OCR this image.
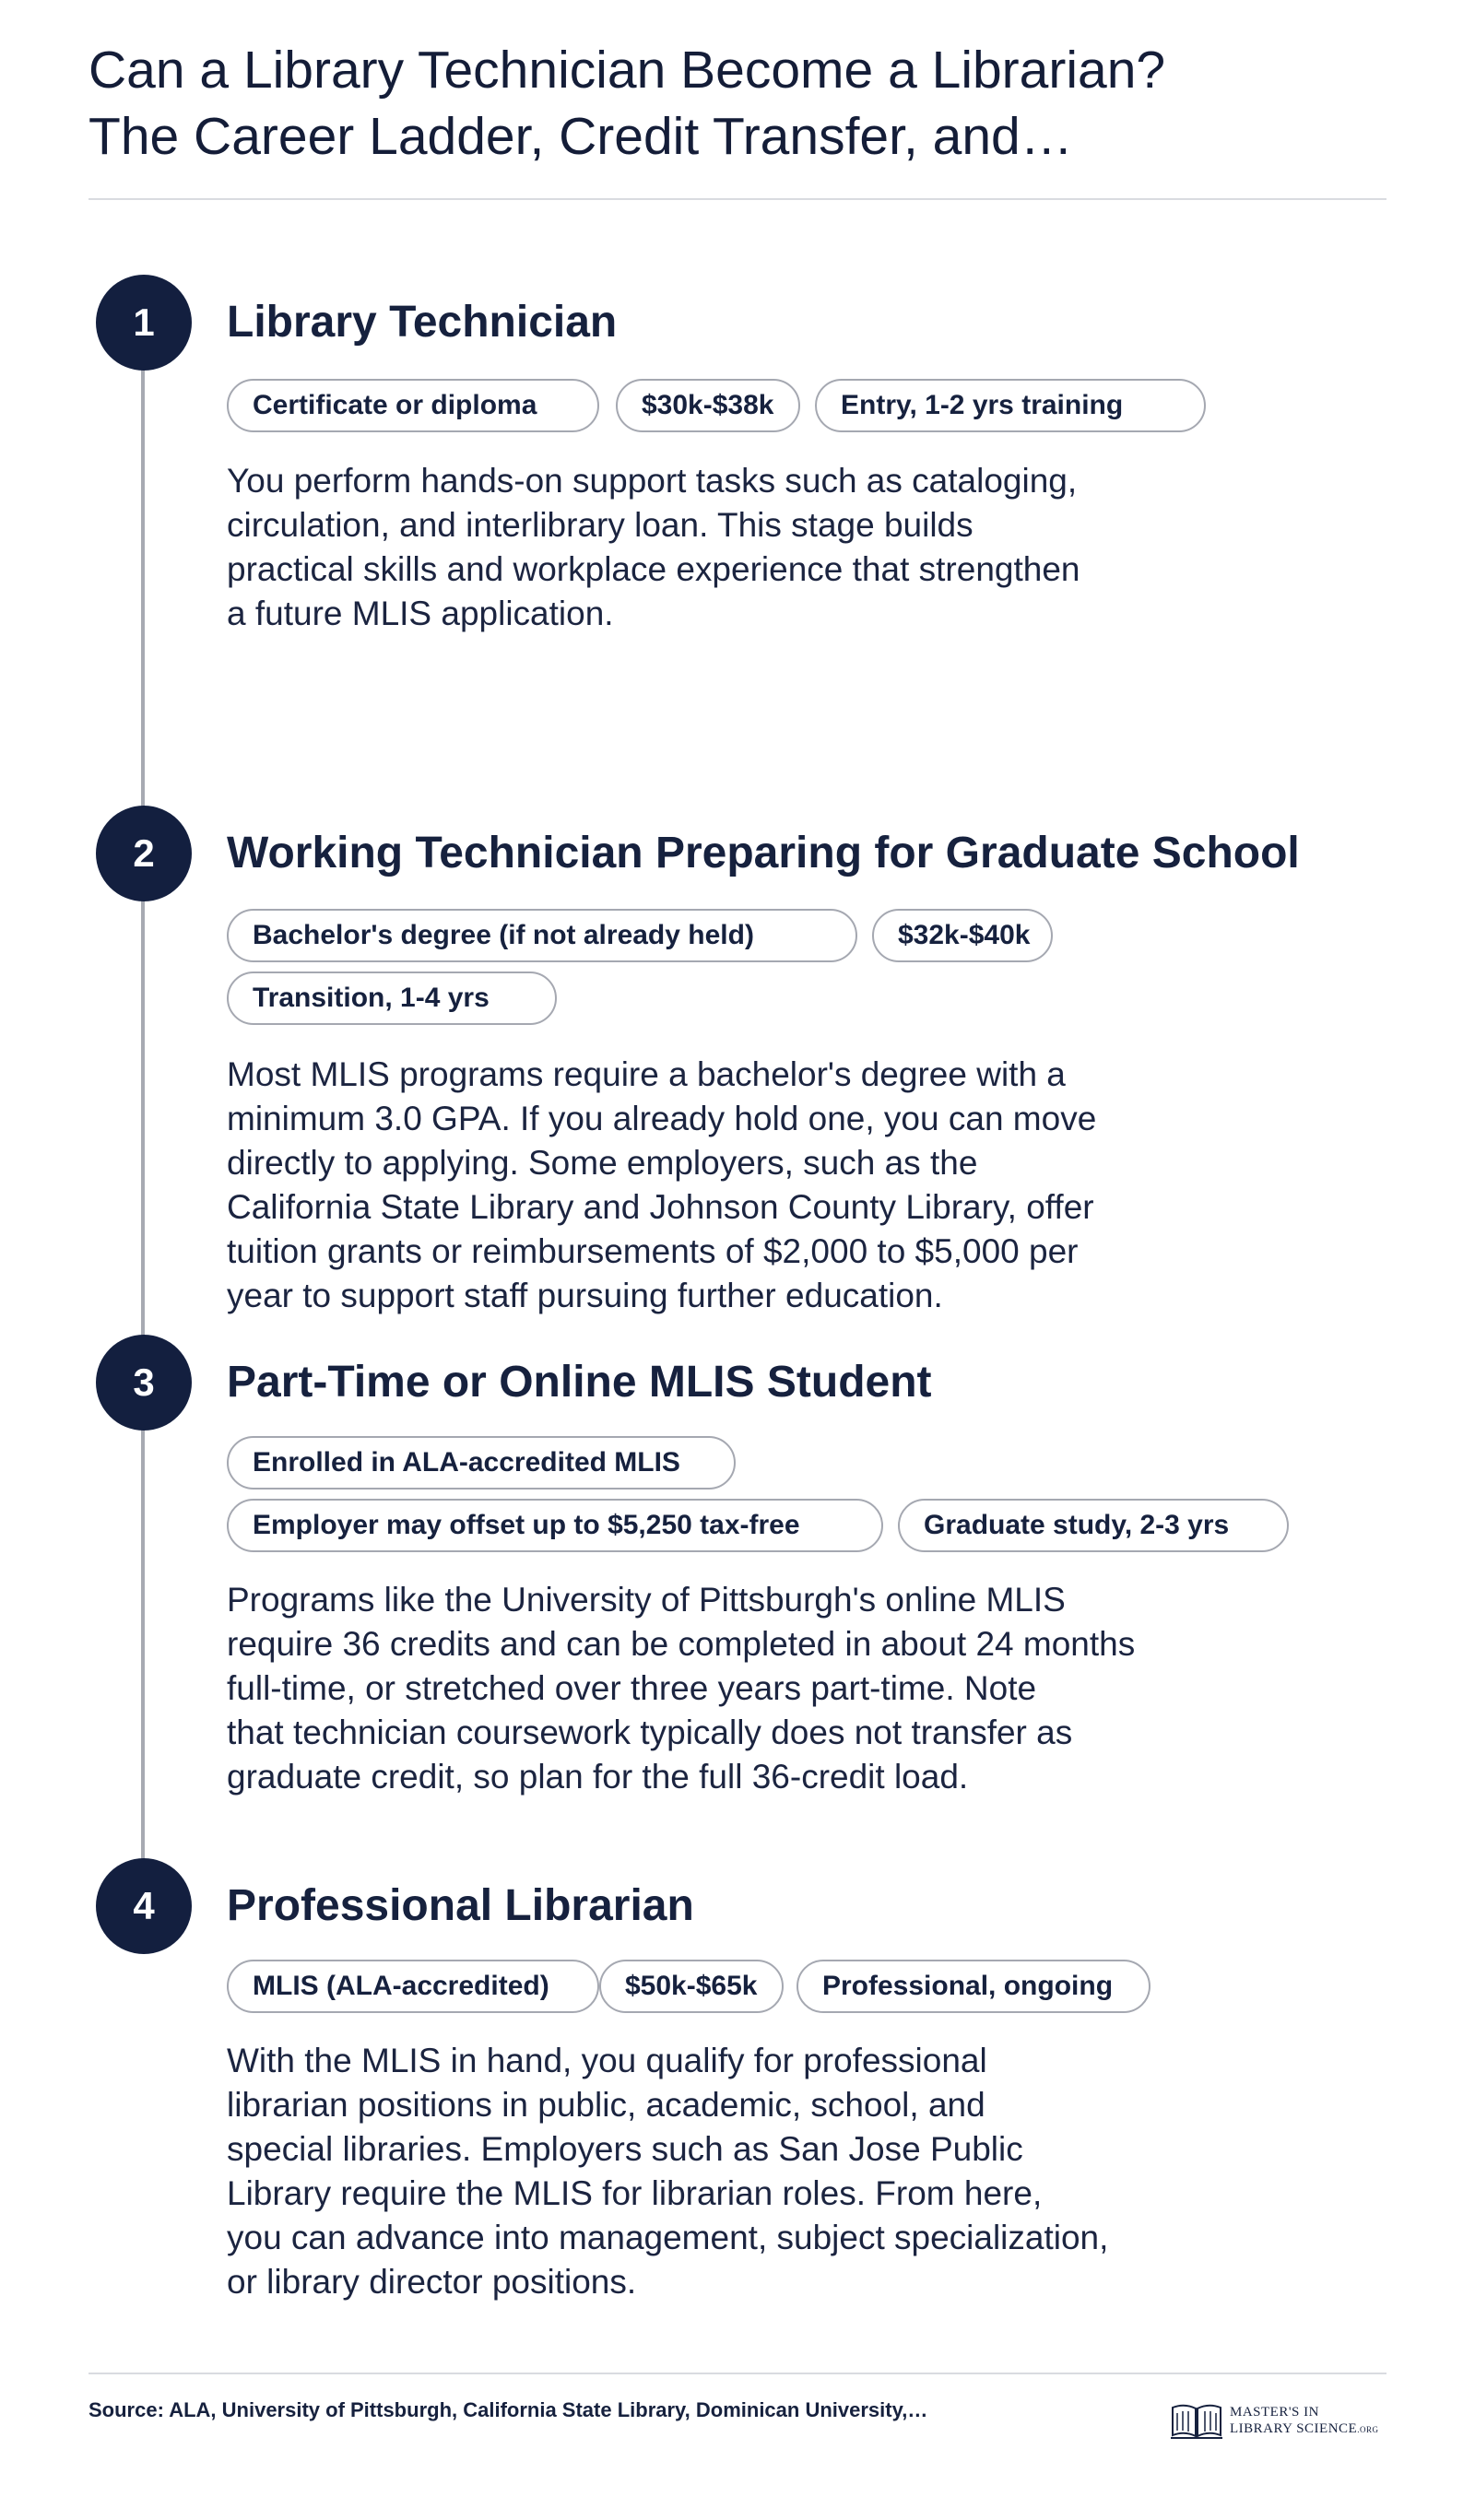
Can a Library Technician Become a Librarian?
The Career Ladder, Credit Transfer, and…
1	Library Technician
Certificate or diploma	$30k-$38k	Entry, 1-2 yrs training
You perform hands-on support tasks such as cataloging,
circulation, and interlibrary loan. This stage builds
practical skills and workplace experience that strengthen
a future MLIS application.
2	Working Technician Preparing for Graduate School
Bachelor's degree (if not already held)	$32k-$40k
Transition, 1-4 yrs
Most MLIS programs require a bachelor's degree with a
minimum 3.0 GPA. If you already hold one, you can move
directly to applying. Some employers, such as the
California State Library and Johnson County Library, offer
tuition grants or reimbursements of $2,000 to $5,000 per
year to support staff pursuing further education.
3	Part-Time or Online MLIS Student
Enrolled in ALA-accredited MLIS
Employer may offset up to $5,250 tax-free	Graduate study, 2-3 yrs
Programs like the University of Pittsburgh's online MLIS
require 36 credits and can be completed in about 24 months
full-time, or stretched over three years part-time. Note
that technician coursework typically does not transfer as
graduate credit, so plan for the full 36-credit load.
4	Professional Librarian
MLIS (ALA-accredited)	$50k-$65k	Professional, ongoing
With the MLIS in hand, you qualify for professional
librarian positions in public, academic, school, and
special libraries. Employers such as San Jose Public
Library require the MLIS for librarian roles. From here,
you can advance into management, subject specialization,
or library director positions.
Source: ALA, University of Pittsburgh, California State Library, Dominican University,…	MASTER'S IN
LIBRARY SCIENCE.ORG
